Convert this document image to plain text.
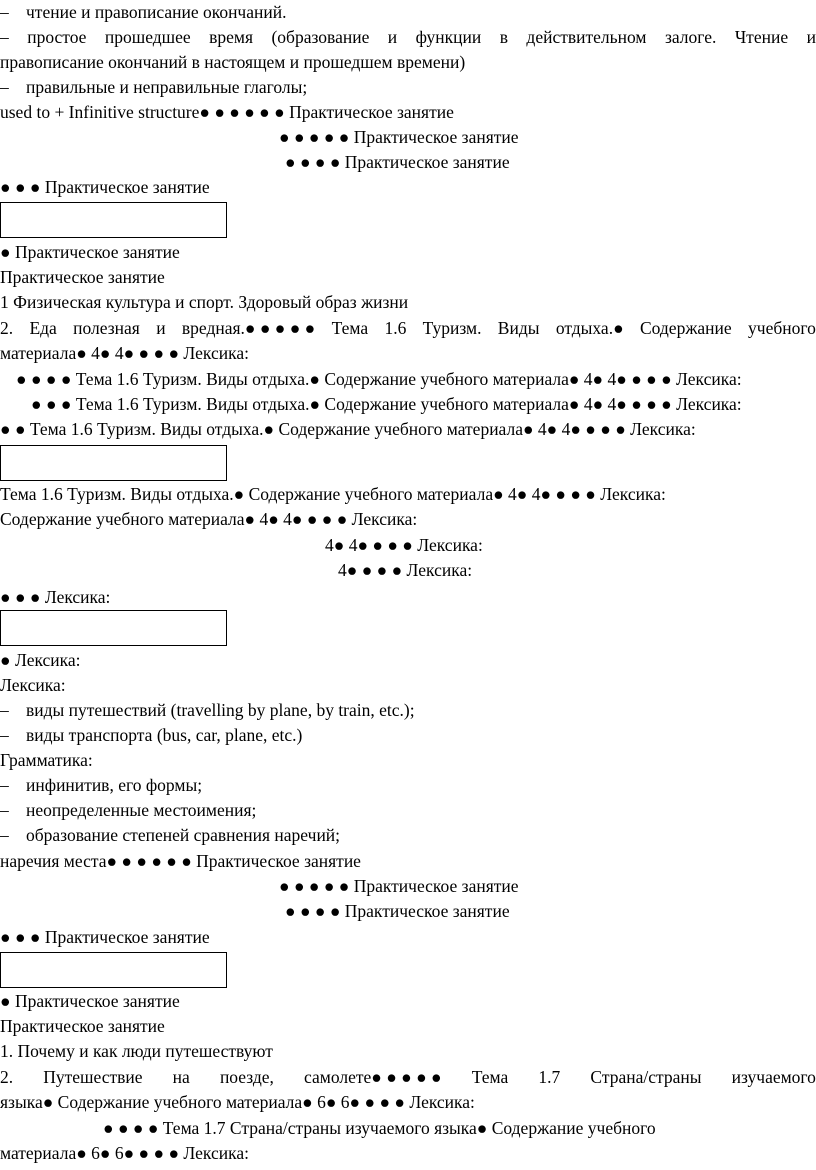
– чтение и правописание окончаний.
– простое прошедшее время (образование и функции в действительном залоге. Чтение и
правописание окончаний в настоящем и прошедшем времени)
– правильные и неправильные глаголы;
used to + Infinitive structure● ● ● ● ● ● Практическое занятие
● ● ● ● ● Практическое занятие
● ● ● ● Практическое занятие
● ● ● Практическое занятие
● Практическое занятие
Практическое занятие
1 Физическая культура и спорт. Здоровый образ жизни
2. Еда полезная и вредная.● ● ● ● ● Тема 1.6 Туризм. Виды отдыха.● Содержание учебного
материала● 4● 4● ● ● ● Лексика:
● ● ● ● Тема 1.6 Туризм. Виды отдыха.● Содержание учебного материала● 4● 4● ● ● ● Лексика:
● ● ● Тема 1.6 Туризм. Виды отдыха.● Содержание учебного материала● 4● 4● ● ● ● Лексика:
● ● Тема 1.6 Туризм. Виды отдыха.● Содержание учебного материала● 4● 4● ● ● ● Лексика:
Тема 1.6 Туризм. Виды отдыха.● Содержание учебного материала● 4● 4● ● ● ● Лексика:
Содержание учебного материала● 4● 4● ● ● ● Лексика:
4● 4● ● ● ● Лексика:
4● ● ● ● Лексика:
● ● ● Лексика:
● Лексика:
Лексика:
– виды путешествий (travelling by plane, by train, etc.);
– виды транспорта (bus, car, plane, etc.)
Грамматика:
– инфинитив, его формы;
– неопределенные местоимения;
– образование степеней сравнения наречий;
наречия места● ● ● ● ● ● Практическое занятие
● ● ● ● ● Практическое занятие
● ● ● ● Практическое занятие
● ● ● Практическое занятие
● Практическое занятие
Практическое занятие
1. Почему и как люди путешествуют
2. Путешествие на поезде, самолете● ● ● ● ● Тема 1.7 Страна/страны изучаемого
языка● Содержание учебного материала● 6● 6● ● ● ● Лексика:
● ● ● ● Тема 1.7 Страна/страны изучаемого языка● Содержание учебного
материала● 6● 6● ● ● ● Лексика:
